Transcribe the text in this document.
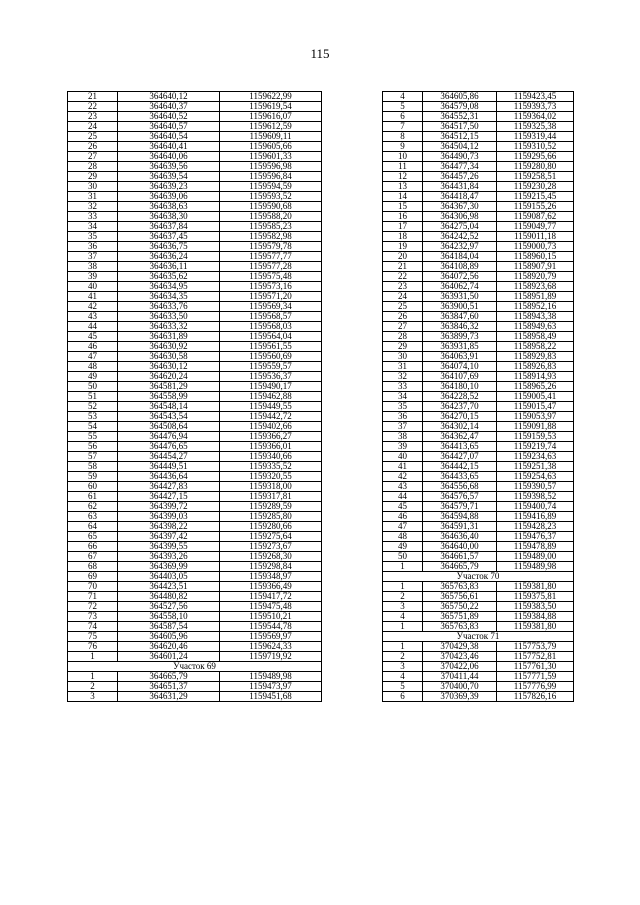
115
21	364640,12	1159622,99
22	364640,37	1159619,54
23	364640,52	1159616,07
24	364640,57	1159612,59
25	364640,54	1159609,11
26	364640,41	1159605,66
27	364640,06	1159601,33
28	364639,56	1159596,98
29	364639,54	1159596,84
30	364639,23	1159594,59
31	364639,06	1159593,52
32	364638,63	1159590,68
33	364638,30	1159588,20
34	364637,84	1159585,23
35	364637,45	1159582,98
36	364636,75	1159579,78
37	364636,24	1159577,77
38	364636,11	1159577,28
39	364635,62	1159575,48
40	364634,95	1159573,16
41	364634,35	1159571,20
42	364633,76	1159569,34
43	364633,50	1159568,57
44	364633,32	1159568,03
45	364631,89	1159564,04
46	364630,92	1159561,55
47	364630,58	1159560,69
48	364630,12	1159559,57
49	364620,24	1159536,37
50	364581,29	1159490,17
51	364558,99	1159462,88
52	364548,14	1159449,55
53	364543,54	1159442,72
54	364508,64	1159402,66
55	364476,94	1159366,27
56	364476,65	1159366,01
57	364454,27	1159340,66
58	364449,51	1159335,52
59	364436,64	1159320,55
60	364427,83	1159318,00
61	364427,15	1159317,81
62	364399,72	1159289,59
63	364399,03	1159285,80
64	364398,22	1159280,66
65	364397,42	1159275,64
66	364399,55	1159273,67
67	364393,26	1159268,30
68	364369,99	1159298,84
69	364403,05	1159348,97
70	364423,51	1159366,49
71	364480,82	1159417,72
72	364527,56	1159475,48
73	364558,10	1159510,21
74	364587,54	1159544,78
75	364605,96	1159569,97
76	364620,46	1159624,33
1	364601,24	1159719,92
Участок 69		
1	364665,79	1159489,98
2	364651,37	1159473,97
3	364631,29	1159451,68
4	364605,86	1159423,45
5	364579,08	1159393,73
6	364552,31	1159364,02
7	364517,50	1159325,38
8	364512,15	1159319,44
9	364504,12	1159310,52
10	364490,73	1159295,66
11	364477,34	1159280,80
12	364457,26	1159258,51
13	364431,84	1159230,28
14	364418,47	1159215,45
15	364367,30	1159155,26
16	364306,98	1159087,62
17	364275,04	1159049,77
18	364242,52	1159011,18
19	364232,97	1159000,73
20	364184,04	1158960,15
21	364108,89	1158907,91
22	364072,56	1158920,79
23	364062,74	1158923,68
24	363931,50	1158951,89
25	363900,51	1158952,16
26	363847,60	1158943,38
27	363846,32	1158949,63
28	363899,73	1158958,49
29	363931,85	1158958,22
30	364063,91	1158929,83
31	364074,10	1158926,83
32	364107,69	1158914,93
33	364180,10	1158965,26
34	364228,52	1159005,41
35	364237,70	1159015,47
36	364270,15	1159053,97
37	364302,14	1159091,88
38	364362,47	1159159,53
39	364413,65	1159219,74
40	364427,07	1159234,63
41	364442,15	1159251,38
42	364433,65	1159254,63
43	364556,68	1159390,57
44	364576,57	1159398,52
45	364579,71	1159400,74
46	364594,88	1159416,89
47	364591,31	1159428,23
48	364636,40	1159476,37
49	364640,00	1159478,89
50	364661,57	1159489,00
1	364665,79	1159489,98
Участок 70		
1	365763,83	1159381,80
2	365756,61	1159375,81
3	365750,22	1159383,50
4	365751,89	1159384,88
1	365763,83	1159381,80
Участок 71		
1	370429,38	1157753,79
2	370423,46	1157752,81
3	370422,06	1157761,30
4	370411,44	1157771,59
5	370400,70	1157776,99
6	370369,39	1157826,16
